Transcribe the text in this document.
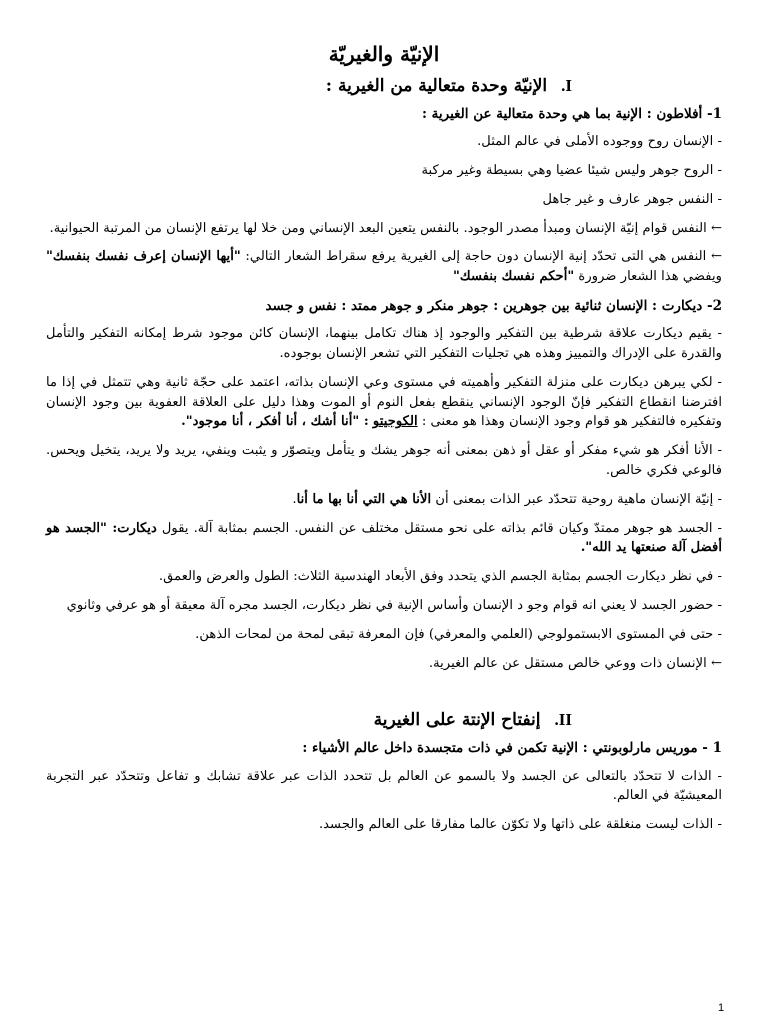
الإنيّة والغيريّة
I.الإنيّة وحدة متعالية من الغيرية :
1- أفلاطون : الإنية بما هي وحدة متعالية عن الغيرية :
- الإنسان روح ووجوده الأملى في عالم المثل.
- الروح جوهر وليس شيئا عضيا وهي بسيطة وغير مركبة
- النفس جوهر عارف و غير جاهل
← النفس قوام إنيّة الإنسان ومبدأ مصدر الوجود. بالنفس يتعين البعد الإنساني ومن خلا لها يرتفع الإنسان من المرتبة الحيوانية.
← النفس هي التى تحدّد إنية الإنسان دون حاجة إلى الغيرية يرفع سقراط الشعار التالي: "أيها الإنسان إعرف نفسك بنفسك" ويفضي هذا الشعار ضرورة "أحكم نفسك بنفسك"
2- ديكارت : الإنسان ثنائية بين جوهرين : جوهر منكر و جوهر ممتد : نفس و جسد
- يقيم ديكارت علاقة شرطية بين التفكير والوجود إذ هناك تكامل بينهما، الإنسان كائن موجود شرط إمكانه التفكير والتأمل والقدرة على الإدراك والتمييز وهذه هي تجليات التفكير التي تشعر الإنسان بوجوده.
- لكي يبرهن ديكارت على منزلة التفكير وأهميته في مستوى وعي الإنسان بذاته، اعتمد على حجّة ثانية وهي تتمثل في إذا ما افترضنا انقطاع التفكير فإنّ الوجود الإنساني ينقطع بفعل النوم أو الموت وهذا دليل على العلاقة العفوية بين وجود الإنسان وتفكيره فالتفكير هو قوام وجود الإنسان وهذا هو معنى : الكوجيتو : "أنا أشك ، أنا أفكر ، أنا موجود".
- الأنا أفكر هو شيء مفكر أو عقل أو ذهن بمعنى أنه جوهر يشك و يتأمل ويتصوّر و يثبت وينفي، يريد ولا يريد، يتخيل ويحس. فالوعي فكري خالص.
- إنيّة الإنسان ماهية روحية تتحدّد عبر الذات بمعنى أن الأنا هي التي أنا بها ما أنا.
- الجسد هو جوهر ممتدّ وكيان قائم بذاته على نحو مستقل مختلف عن النفس. الجسم بمثابة آلة. يقول ديكارت: "الجسد هو أفضل آلة صنعتها يد الله".
- في نظر ديكارت الجسم بمثابة الجسم الذي يتحدد وفق الأبعاد الهندسية الثلاث: الطول والعرض والعمق.
- حضور الجسد لا يعني انه قوام وجو د الإنسان وأساس الإنية في نظر ديكارت، الجسد مجره آلة معيقة أو هو عرفي وثانوي
- حتى في المستوى الابستمولوجي (العلمي والمعرفي) فإن المعرفة تبقى لمحة من لمحات الذهن.
← الإنسان ذات ووعي خالص مستقل عن عالم الغيرية.
II.إنفتاح الإنتة على الغيرية
1 - موريس مارلوبونتي : الإنية تكمن في ذات متجسدة داخل عالم الأشياء :
- الذات لا تتحدّد بالتعالى عن الجسد ولا بالسمو عن العالم بل تتحدد الذات عبر علاقة تشابك و تفاعل وتتحدّد عبر التجربة المعيشيّة في العالم.
- الذات ليست منغلقة على ذاتها ولا تكوّن عالما مفارقا على العالم والجسد.
1
